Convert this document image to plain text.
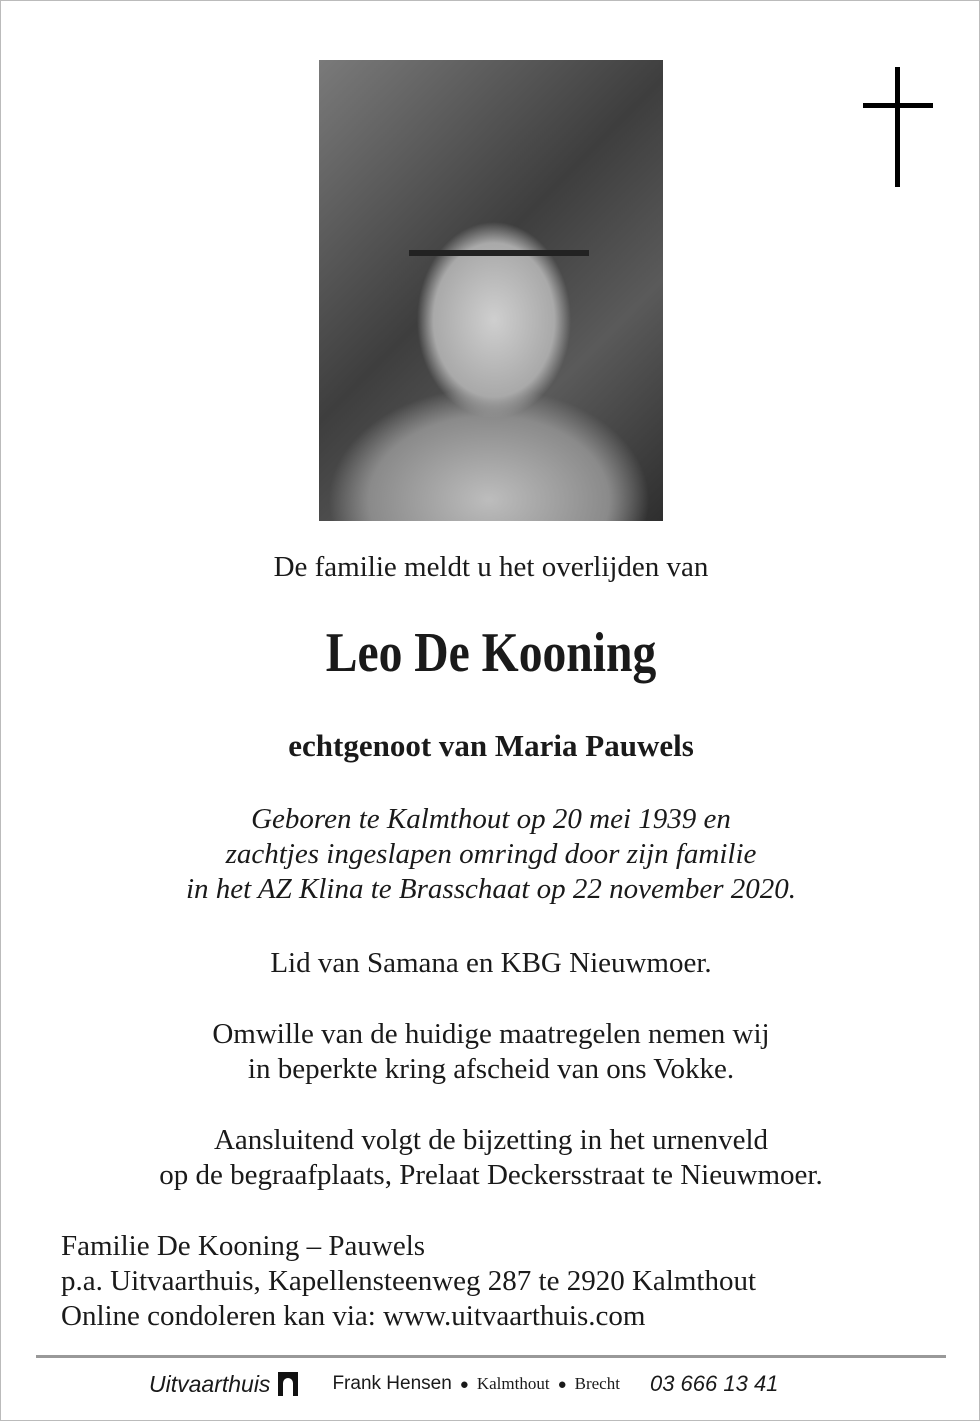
De familie meldt u het overlijden van
Leo De Kooning
echtgenoot van Maria Pauwels
Geboren te Kalmthout op 20 mei 1939 en
zachtjes ingeslapen omringd door zijn familie
in het AZ Klina te Brasschaat op 22 november 2020.
Lid van Samana en KBG Nieuwmoer.
Omwille van de huidige maatregelen nemen wij
in beperkte kring afscheid van ons Vokke.
Aansluitend volgt de bijzetting in het urnenveld
op de begraafplaats, Prelaat Deckersstraat te Nieuwmoer.
Familie De Kooning – Pauwels
p.a. Uitvaarthuis, Kapellensteenweg 287 te 2920 Kalmthout
Online condoleren kan via: www.uitvaarthuis.com
Uitvaarthuis	Frank Hensen ● Kalmthout ● Brecht 03 666 13 41
